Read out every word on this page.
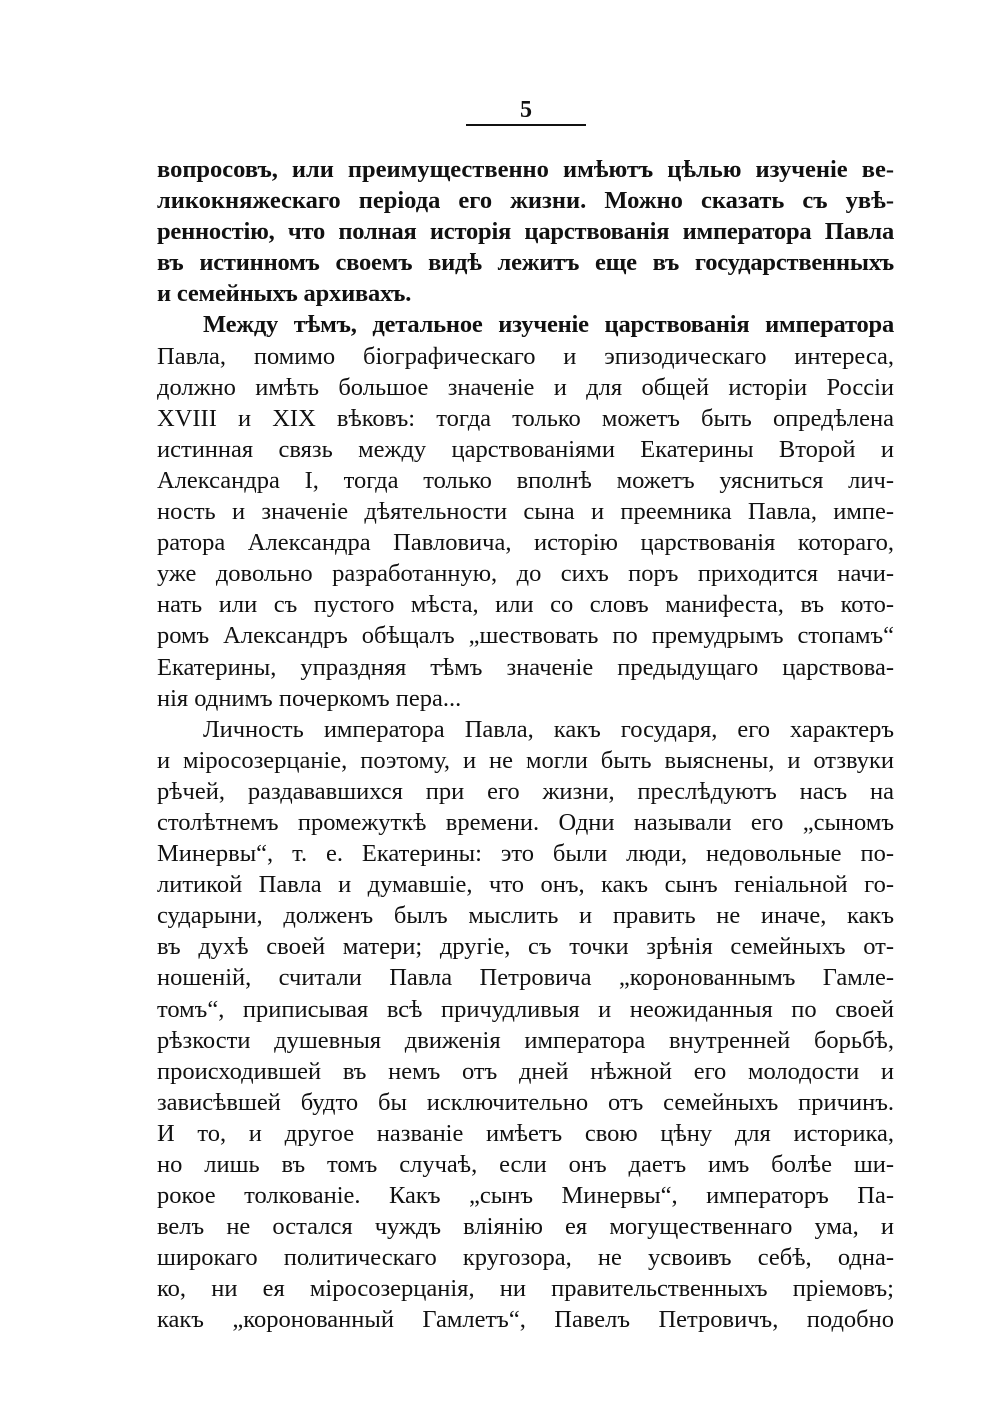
5
вопросовъ, или преимущественно имѣютъ цѣлью изученіе ве-
ликокняжескаго періода его жизни. Можно сказать съ увѣ-
ренностію, что полная исторія царствованія императора Павла
въ истинномъ своемъ видѣ лежитъ еще въ государственныхъ
и семейныхъ архивахъ.
Между тѣмъ, детальное изученіе царствованія императора
Павла, помимо біографическаго и эпизодическаго интереса,
должно имѣть большое значеніе и для общей исторіи Россіи
XVIII и XIX вѣковъ: тогда только можетъ быть опредѣлена
истинная связь между царствованіями Екатерины Второй и
Александра I, тогда только вполнѣ можетъ уясниться лич-
ность и значеніе дѣятельности сына и преемника Павла, импе-
ратора Александра Павловича, исторію царствованія котораго,
уже довольно разработанную, до сихъ поръ приходится начи-
нать или съ пустого мѣста, или со словъ манифеста, въ кото-
ромъ Александръ обѣщалъ „шествовать по премудрымъ стопамъ“
Екатерины, упраздняя тѣмъ значеніе предыдущаго царствова-
нія однимъ почеркомъ пера...
Личность императора Павла, какъ государя, его характеръ
и міросозерцаніе, поэтому, и не могли быть выяснены, и отзвуки
рѣчей, раздававшихся при его жизни, преслѣдуютъ насъ на
столѣтнемъ промежуткѣ времени. Одни называли его „сыномъ
Минервы“, т. е. Екатерины: это были люди, недовольные по-
литикой Павла и думавшіе, что онъ, какъ сынъ геніальной го-
сударыни, долженъ былъ мыслить и править не иначе, какъ
въ духѣ своей матери; другіе, съ точки зрѣнія семейныхъ от-
ношеній, считали Павла Петровича „коронованнымъ Гамле-
томъ“, приписывая всѣ причудливыя и неожиданныя по своей
рѣзкости душевныя движенія императора внутренней борьбѣ,
происходившей въ немъ отъ дней нѣжной его молодости и
зависѣвшей будто бы исключительно отъ семейныхъ причинъ.
И то, и другое названіе имѣетъ свою цѣну для историка,
но лишь въ томъ случаѣ, если онъ даетъ имъ болѣе ши-
рокое толкованіе. Какъ „сынъ Минервы“, императоръ Па-
велъ не остался чуждъ вліянію ея могущественнаго ума, и
широкаго политическаго кругозора, не усвоивъ себѣ, одна-
ко, ни ея міросозерцанія, ни правительственныхъ пріемовъ;
какъ „коронованный Гамлетъ“, Павелъ Петровичъ, подобно
